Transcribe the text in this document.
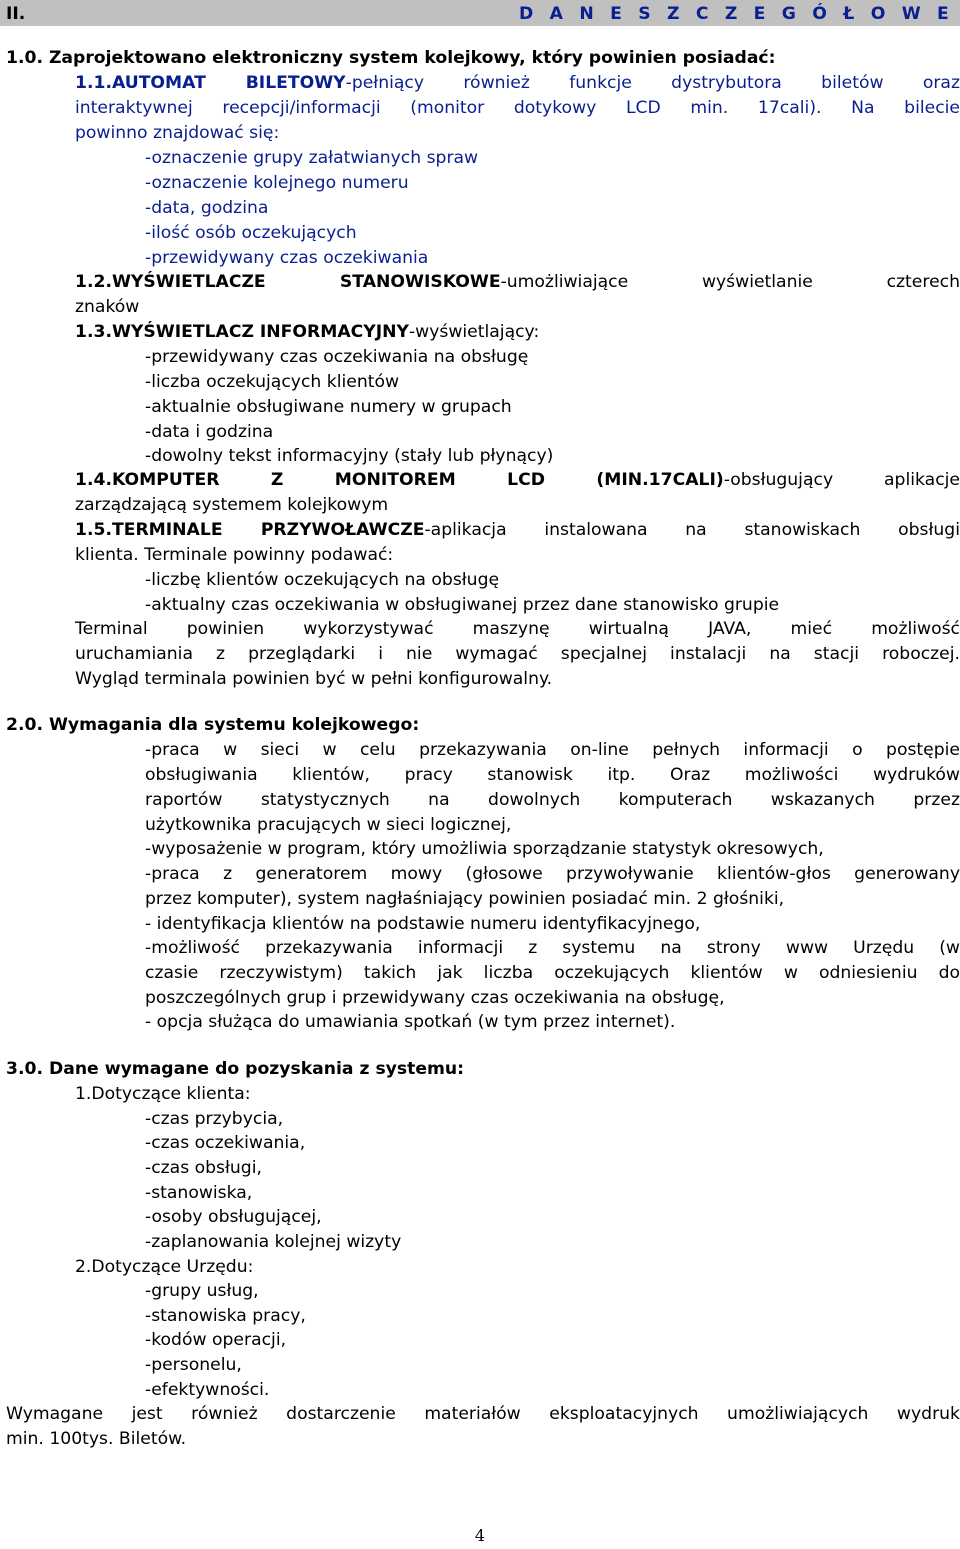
II.	D A N E S Z C Z E G Ó Ł O W E
1.0. Zaprojektowano elektroniczny system kolejkowy, który powinien posiadać:
1.1.AUTOMAT BILETOWY-pełniący również funkcje dystrybutora biletów oraz
interaktywnej recepcji/informacji (monitor dotykowy LCD min. 17cali). Na bilecie
powinno znajdować się:
-oznaczenie grupy załatwianych spraw
-oznaczenie kolejnego numeru
-data, godzina
-ilość osób oczekujących
-przewidywany czas oczekiwania
1.2.WYŚWIETLACZE STANOWISKOWE-umożliwiające wyświetlanie czterech
znaków
1.3.WYŚWIETLACZ INFORMACYJNY-wyświetlający:
-przewidywany czas oczekiwania na obsługę
-liczba oczekujących klientów
-aktualnie obsługiwane numery w grupach
-data i godzina
-dowolny tekst informacyjny (stały lub płynący)
1.4.KOMPUTER Z MONITOREM LCD (MIN.17CALI)-obsługujący aplikacje
zarządzającą systemem kolejkowym
1.5.TERMINALE PRZYWOŁAWCZE-aplikacja instalowana na stanowiskach obsługi
klienta. Terminale powinny podawać:
-liczbę klientów oczekujących na obsługę
-aktualny czas oczekiwania w obsługiwanej przez dane stanowisko grupie
Terminal powinien wykorzystywać maszynę wirtualną JAVA, mieć możliwość
uruchamiania z przeglądarki i nie wymagać specjalnej instalacji na stacji roboczej.
Wygląd terminala powinien być w pełni konfigurowalny.
2.0. Wymagania dla systemu kolejkowego:
-praca w sieci w celu przekazywania on-line pełnych informacji o postępie
obsługiwania klientów, pracy stanowisk itp. Oraz możliwości wydruków
raportów statystycznych na dowolnych komputerach wskazanych przez
użytkownika pracujących w sieci logicznej,
-wyposażenie w program, który umożliwia sporządzanie statystyk okresowych,
-praca z generatorem mowy (głosowe przywoływanie klientów-głos generowany
przez komputer), system nagłaśniający powinien posiadać min. 2 głośniki,
- identyfikacja klientów na podstawie numeru identyfikacyjnego,
-możliwość przekazywania informacji z systemu na strony www Urzędu (w
czasie rzeczywistym) takich jak liczba oczekujących klientów w odniesieniu do
poszczególnych grup i przewidywany czas oczekiwania na obsługę,
- opcja służąca do umawiania spotkań (w tym przez internet).
3.0. Dane wymagane do pozyskania z systemu:
1.Dotyczące klienta:
-czas przybycia,
-czas oczekiwania,
-czas obsługi,
-stanowiska,
-osoby obsługującej,
-zaplanowania kolejnej wizyty
2.Dotyczące Urzędu:
-grupy usług,
-stanowiska pracy,
-kodów operacji,
-personelu,
-efektywności.
Wymagane jest również dostarczenie materiałów eksploatacyjnych umożliwiających wydruk
min. 100tys. Biletów.
4
